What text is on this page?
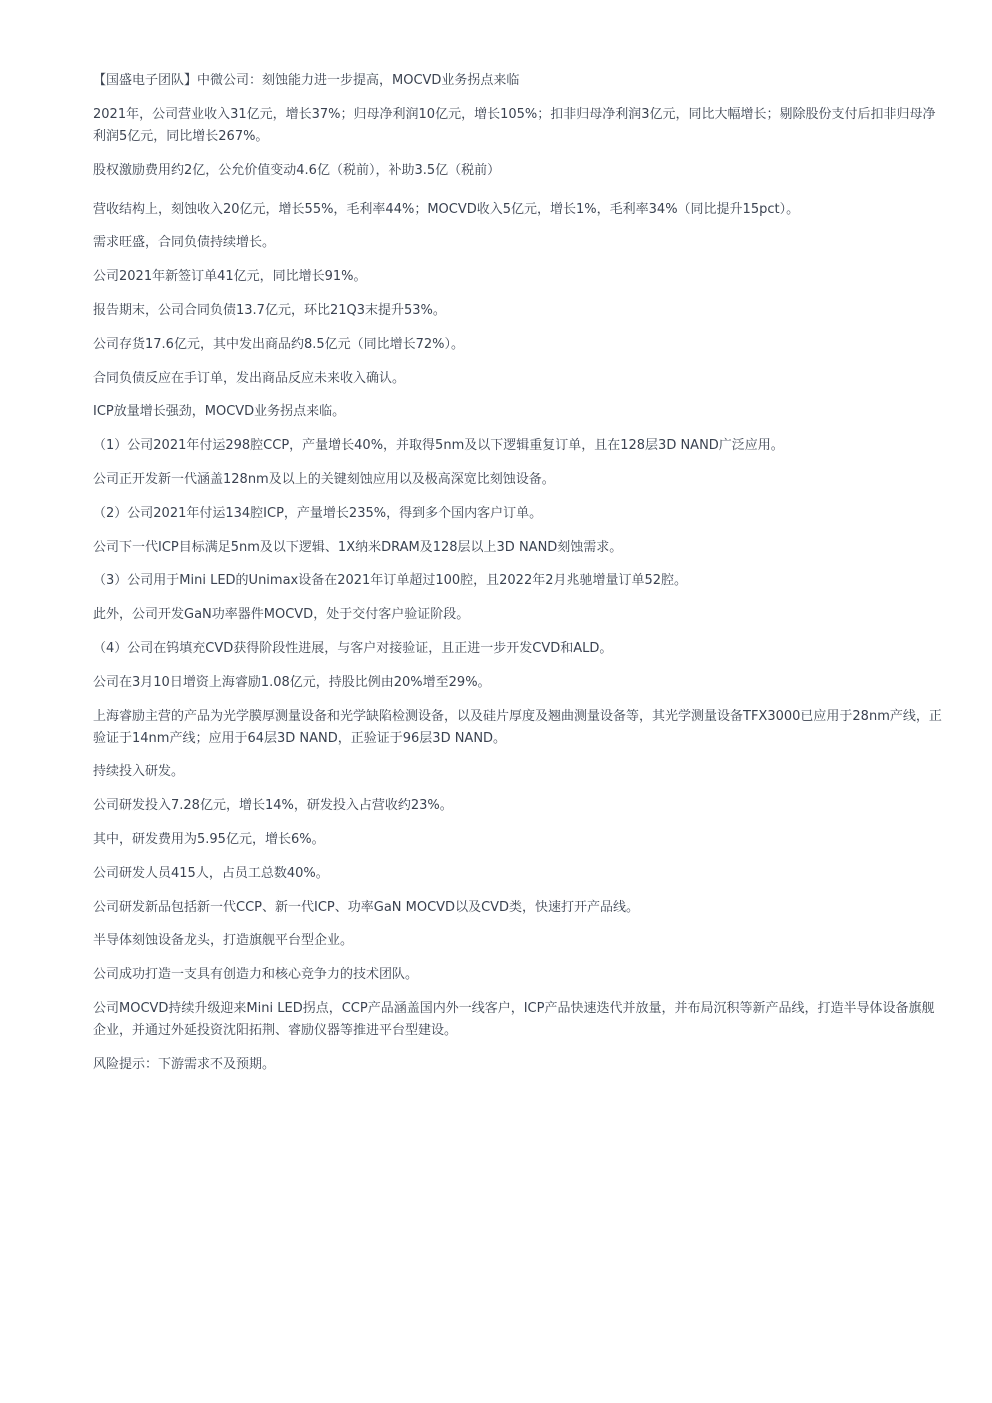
【国盛电子团队】中微公司：刻蚀能力进一步提高，MOCVD业务拐点来临

2021年，公司营业收入31亿元，增长37%；归母净利润10亿元，增长105%；扣非归母净利润3亿元，同比大幅增长；剔除股份支付后扣非归母净利润5亿元，同比增长267%。

股权激励费用约2亿，公允价值变动4.6亿（税前），补助3.5亿（税前）

营收结构上，刻蚀收入20亿元，增长55%，毛利率44%；MOCVD收入5亿元，增长1%，毛利率34%（同比提升15pct）。

需求旺盛，合同负债持续增长。

公司2021年新签订单41亿元，同比增长91%。

报告期末，公司合同负债13.7亿元，环比21Q3末提升53%。

公司存货17.6亿元，其中发出商品约8.5亿元（同比增长72%）。

合同负债反应在手订单，发出商品反应未来收入确认。

ICP放量增长强劲，MOCVD业务拐点来临。

（1）公司2021年付运298腔CCP，产量增长40%，并取得5nm及以下逻辑重复订单，且在128层3D NAND广泛应用。

公司正开发新一代涵盖128nm及以上的关键刻蚀应用以及极高深宽比刻蚀设备。

（2）公司2021年付运134腔ICP，产量增长235%，得到多个国内客户订单。

公司下一代ICP目标满足5nm及以下逻辑、1X纳米DRAM及128层以上3D NAND刻蚀需求。

（3）公司用于Mini LED的Unimax设备在2021年订单超过100腔，且2022年2月兆驰增量订单52腔。

此外，公司开发GaN功率器件MOCVD，处于交付客户验证阶段。

（4）公司在钨填充CVD获得阶段性进展，与客户对接验证，且正进一步开发CVD和ALD。

公司在3月10日增资上海睿励1.08亿元，持股比例由20%增至29%。

上海睿励主营的产品为光学膜厚测量设备和光学缺陷检测设备，以及硅片厚度及翘曲测量设备等，其光学测量设备TFX3000已应用于28nm产线，正验证于14nm产线；应用于64层3D NAND，正验证于96层3D NAND。

持续投入研发。

公司研发投入7.28亿元，增长14%，研发投入占营收约23%。

其中，研发费用为5.95亿元，增长6%。

公司研发人员415人，占员工总数40%。

公司研发新品包括新一代CCP、新一代ICP、功率GaN MOCVD以及CVD类，快速打开产品线。

半导体刻蚀设备龙头，打造旗舰平台型企业。

公司成功打造一支具有创造力和核心竞争力的技术团队。

公司MOCVD持续升级迎来Mini LED拐点，CCP产品涵盖国内外一线客户，ICP产品快速迭代并放量，并布局沉积等新产品线，打造半导体设备旗舰企业，并通过外延投资沈阳拓荆、睿励仪器等推进平台型建设。

风险提示：下游需求不及预期。
